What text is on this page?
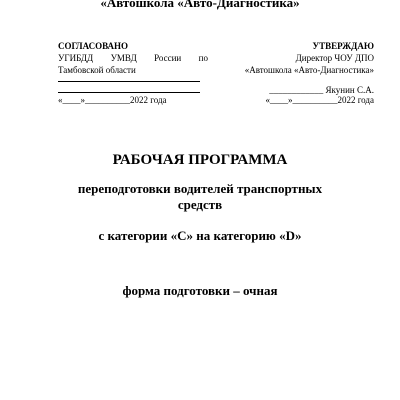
«Автошкола «Авто-Диагностика»
СОГЛАСОВАНО
УГИБДД УМВД России по
Тамбовской области
«____»__________2022 года
УТВЕРЖДАЮ
Директор ЧОУ ДПО
«Автошкола «Авто-Диагностика»
____________ Якунин С.А.
«____»__________2022 года
РАБОЧАЯ ПРОГРАММА
переподготовки водителей транспортных средств
с категории «С» на категорию «D»
форма подготовки – очная
